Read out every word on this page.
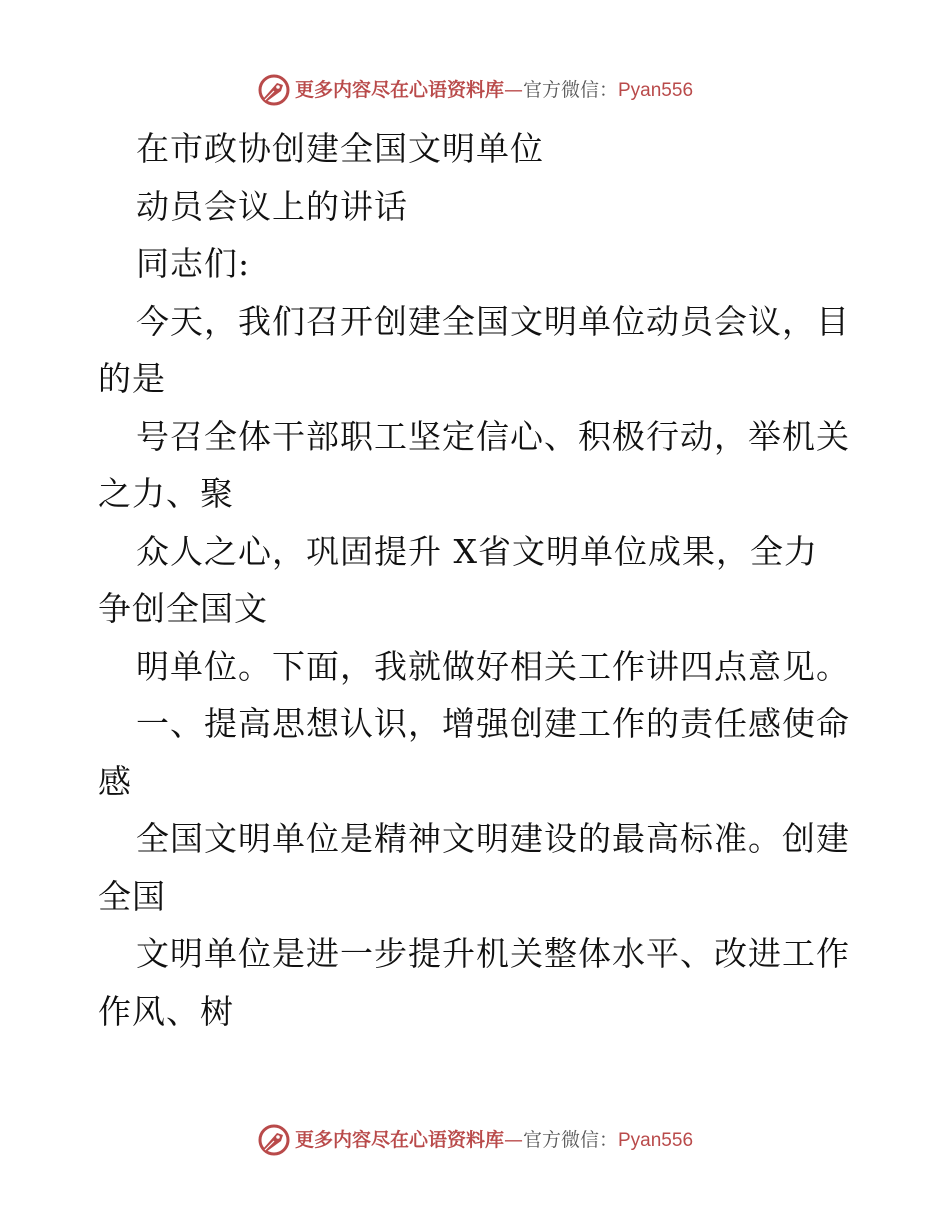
更多内容尽在心语资料库 — 官方微信： Pyan556
在市政协创建全国文明单位
动员会议上的讲话
同志们:
今天，我们召开创建全国文明单位动员会议，目
的是
号召全体干部职工坚定信心、积极行动，举机关
之力、聚
众人之心，巩固提升 X省文明单位成果，全力
争创全国文
明单位。下面，我就做好相关工作讲四点意见。
一、提高思想认识，增强创建工作的责任感使命
感
全国文明单位是精神文明建设的最高标准。创建
全国
文明单位是进一步提升机关整体水平、改进工作
作风、树
更多内容尽在心语资料库 — 官方微信： Pyan556
